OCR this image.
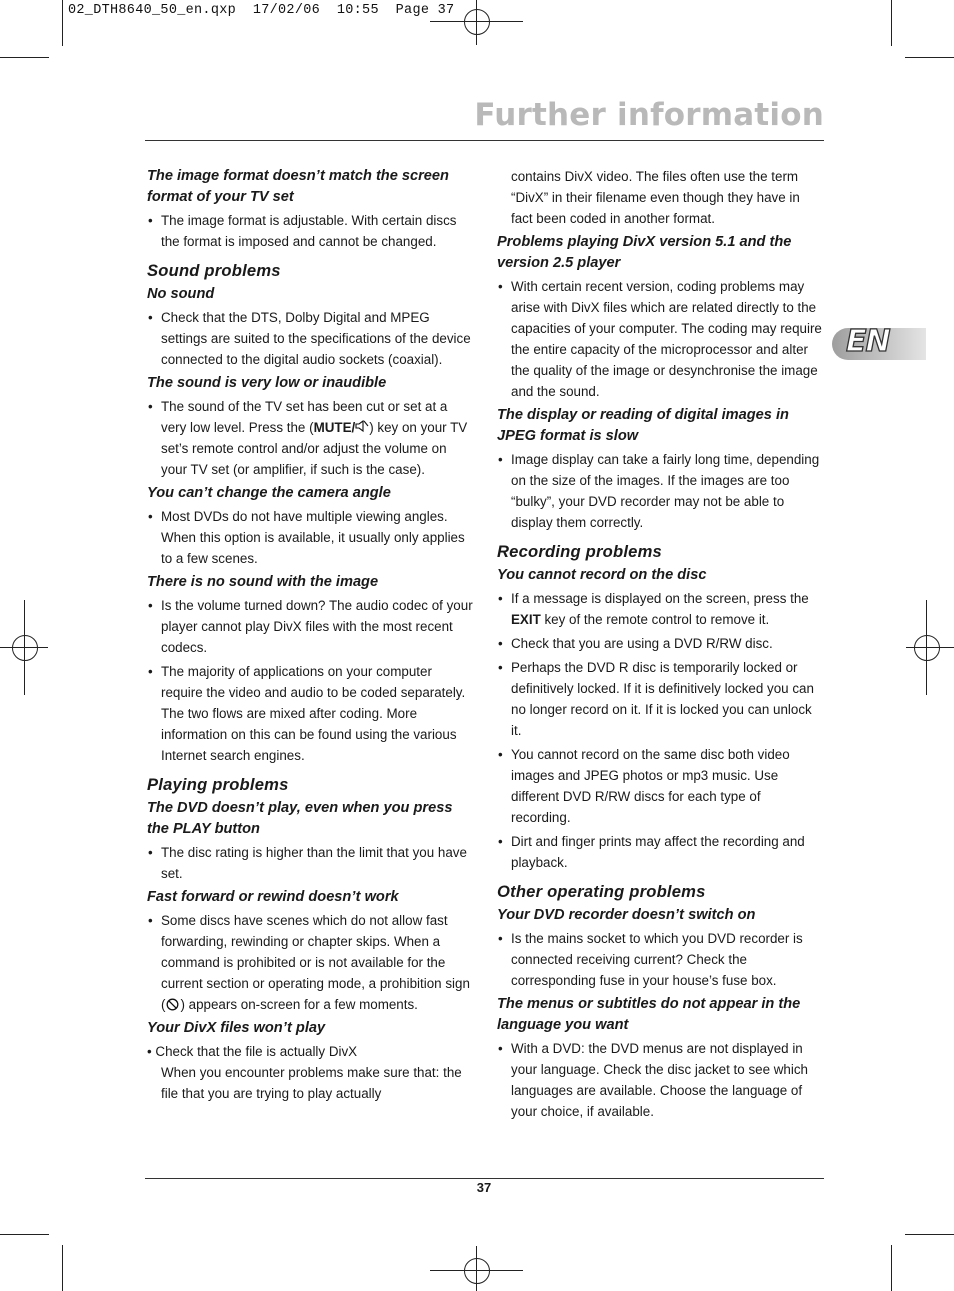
02_DTH8640_50_en.qxp  17/02/06  10:55  Page 37
Further information
EN
The image format doesn’t match the screen format of your TV set
• The image format is adjustable. With certain discs the format is imposed and cannot be changed.
Sound problems
No sound
• Check that the DTS, Dolby Digital and MPEG settings are suited to the specifications of the device connected to the digital audio sockets (coaxial).
The sound is very low or inaudible
• The sound of the TV set has been cut or set at a very low level. Press the (MUTE/ ) key on your TV set’s remote control and/or adjust the volume on your TV set (or amplifier, if such is the case).
You can’t change the camera angle
• Most DVDs do not have multiple viewing angles. When this option is available, it usually only applies to a few scenes.
There is no sound with the image
• Is the volume turned down? The audio codec of your player cannot play DivX files with the most recent codecs.
• The majority of applications on your computer require the video and audio to be coded separately. The two flows are mixed after coding. More information on this can be found using the various Internet search engines.
Playing problems
The DVD doesn’t play, even when you press the PLAY button
• The disc rating is higher than the limit that you have set.
Fast forward or rewind doesn’t work
• Some discs have scenes which do not allow fast forwarding, rewinding or chapter skips. When a command is prohibited or is not available for the current section or operating mode, a prohibition sign ( ) appears on-screen for a few moments.
Your DivX files won’t play
• Check that the file is actually DivX

When you encounter problems make sure that: the file that you are trying to play actually

contains DivX video. The files often use the term “DivX” in their filename even though they have in fact been coded in another format.

Problems playing DivX version 5.1 and the version 2.5 player
• With certain recent version, coding problems may arise with DivX files which are related directly to the capacities of your computer. The coding may require the entire capacity of the microprocessor and alter the quality of the image or desynchronise the image and the sound.
The display or reading of digital images in JPEG format is slow
• Image display can take a fairly long time, depending on the size of the images. If the images are too “bulky”, your DVD recorder may not be able to display them correctly.
Recording problems
You cannot record on the disc
• If a message is displayed on the screen, press the EXIT key of the remote control to remove it.
• Check that you are using a DVD R/RW disc.
• Perhaps the DVD R disc is temporarily locked or definitively locked. If it is definitively locked you can no longer record on it. If it is locked you can unlock it.
• You cannot record on the same disc both video images and JPEG photos or mp3 music. Use different DVD R/RW discs for each type of recording.
• Dirt and finger prints may affect the recording and playback.
Other operating problems
Your DVD recorder doesn’t switch on
• Is the mains socket to which you DVD recorder is connected receiving current? Check the corresponding fuse in your house’s fuse box.
The menus or subtitles do not appear in the language you want
• With a DVD: the DVD menus are not displayed in your language. Check the disc jacket to see which languages are available. Choose the language of your choice, if available.
37
